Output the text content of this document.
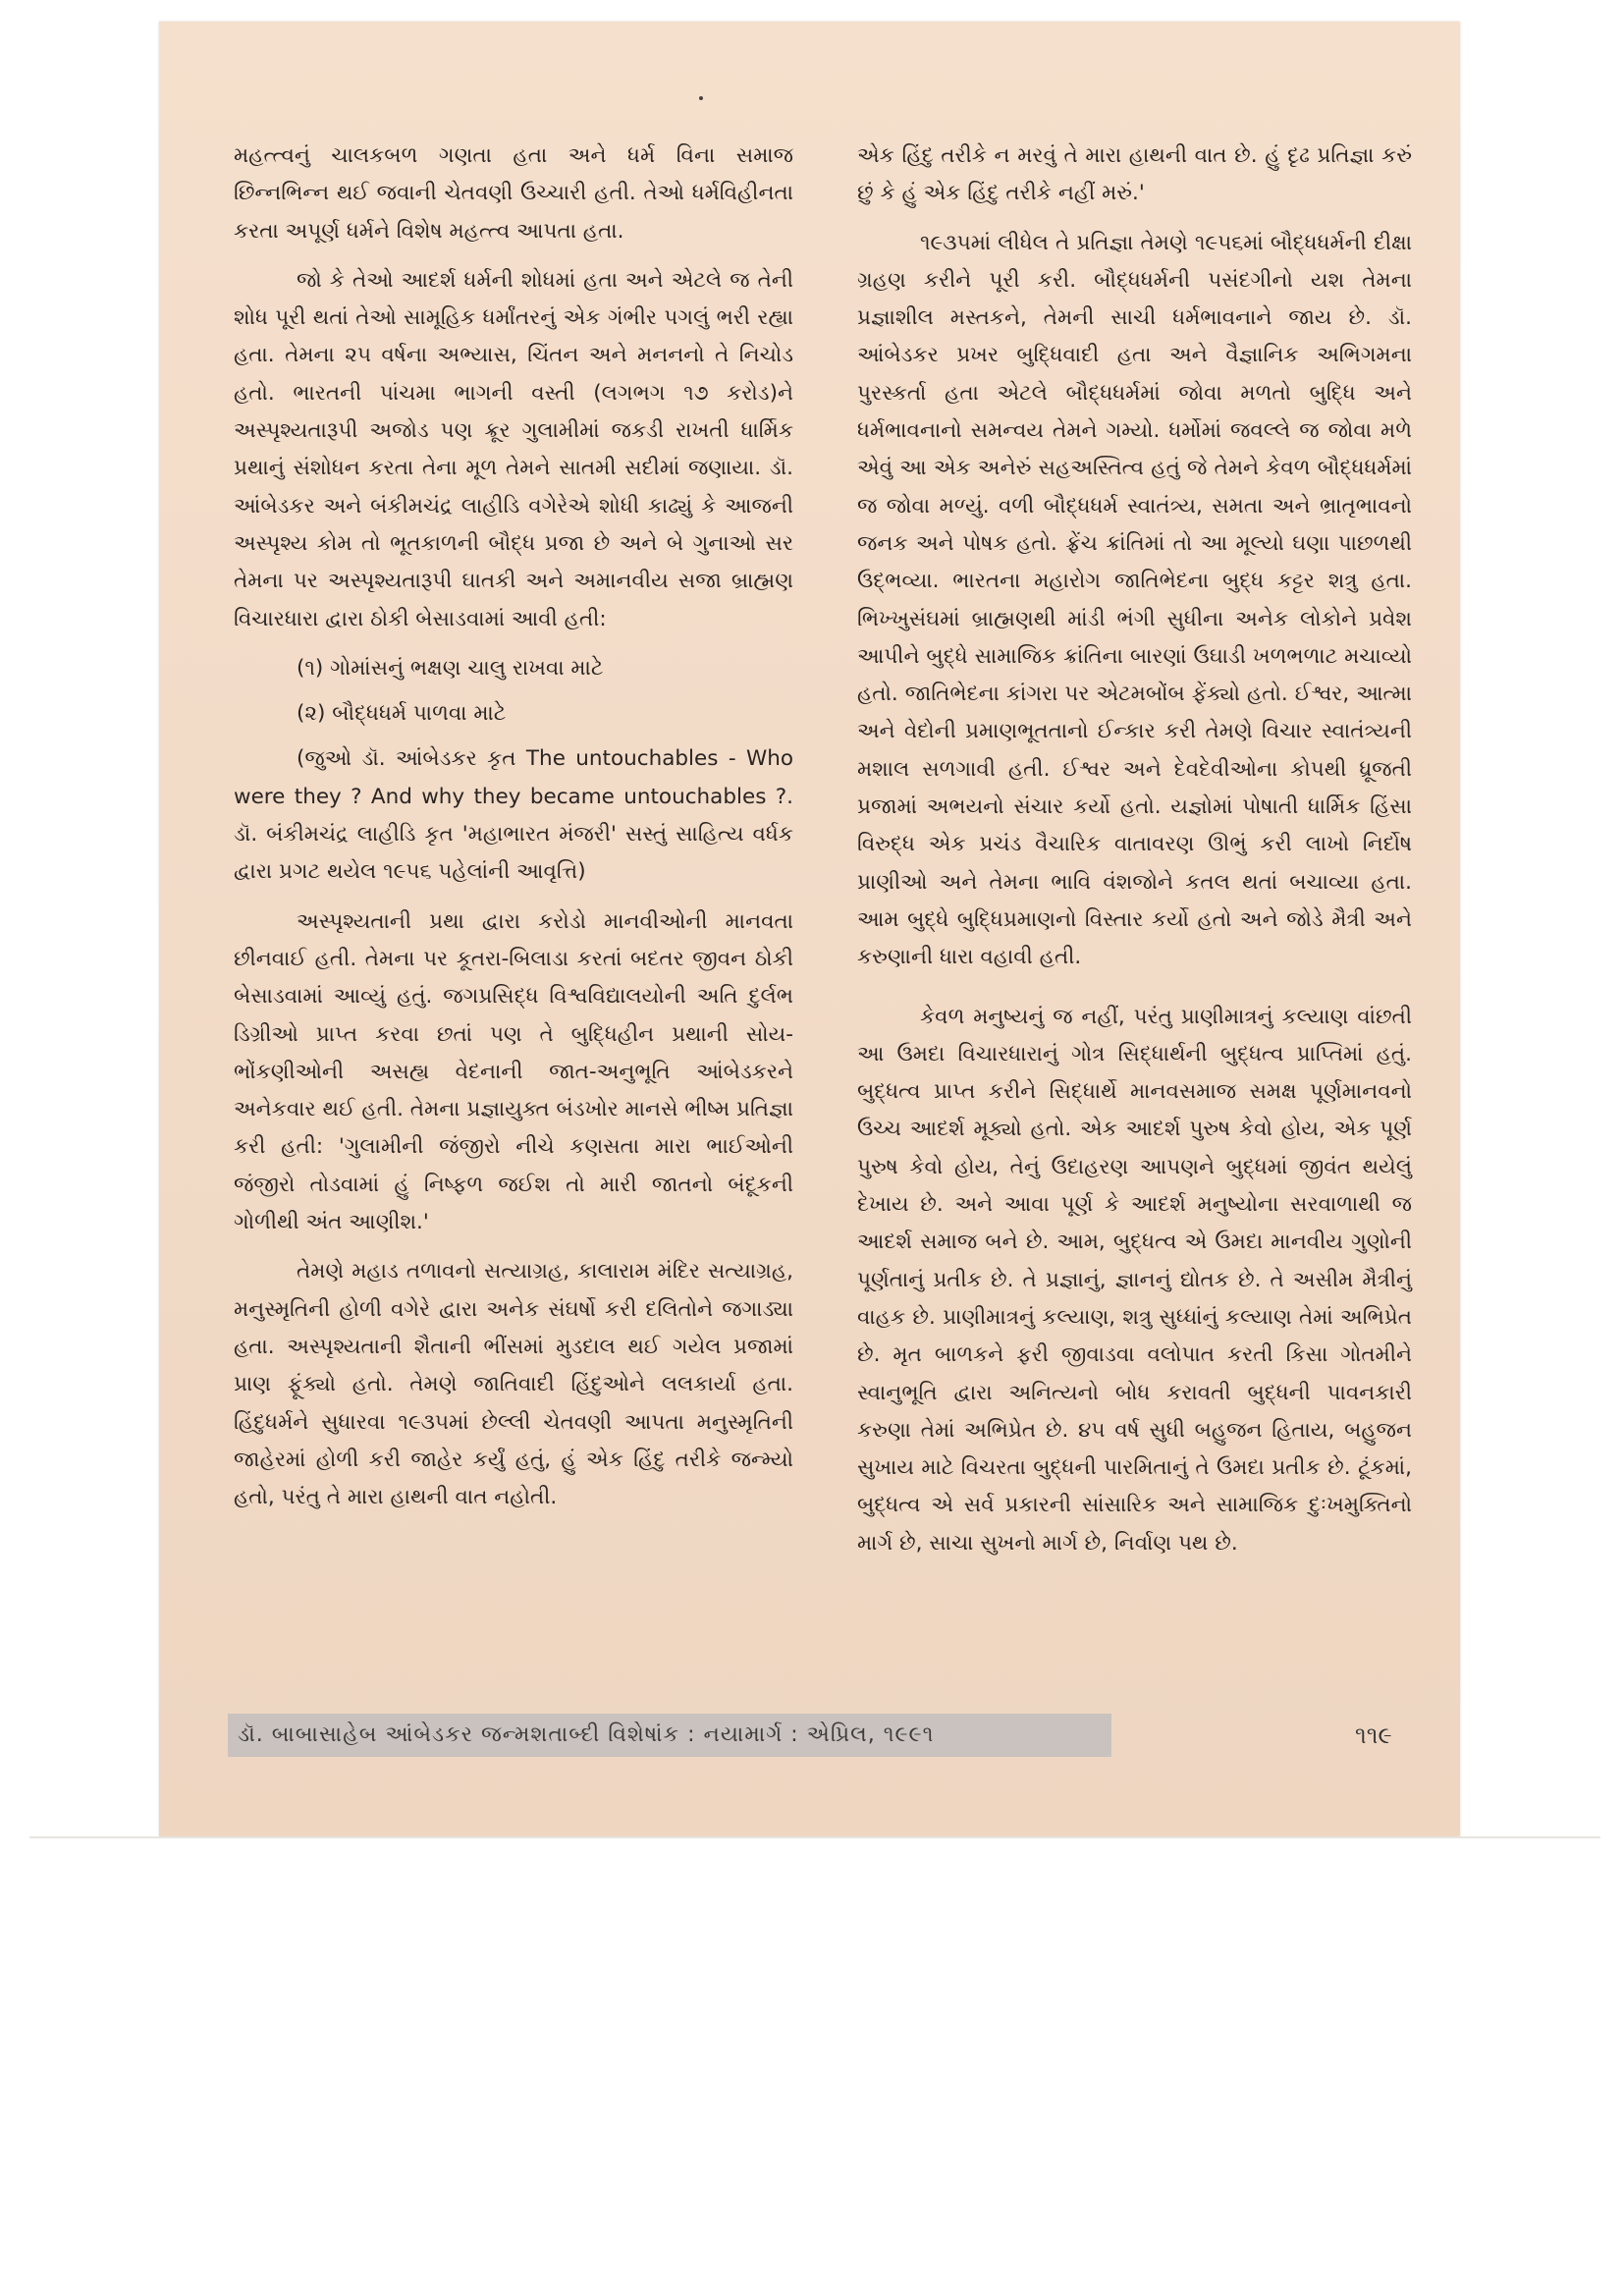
મહત્ત્વનું ચાલકબળ ગણતા હતા અને ધર્મ વિના સમાજ છિન્નભિન્ન થઈ જવાની ચેતવણી ઉચ્ચારી હતી. તેઓ ધર્મવિહીનતા કરતા અપૂર્ણ ધર્મને વિશેષ મહત્ત્વ આપતા હતા.

જો કે તેઓ આદર્શ ધર્મની શોધમાં હતા અને એટલે જ તેની શોધ પૂરી થતાં તેઓ સામૂહિક ધર્માંતરનું એક ગંભીર પગલું ભરી રહ્યા હતા. તેમના ૨૫ વર્ષના અભ્યાસ, ચિંતન અને મનનનો તે નિચોડ હતો. ભારતની પાંચમા ભાગની વસ્તી (લગભગ ૧૭ કરોડ)ને અસ્પૃશ્યતારૂપી અજોડ પણ ક્રૂર ગુલામીમાં જકડી રાખતી ધાર્મિક પ્રથાનું સંશોધન કરતા તેના મૂળ તેમને સાતમી સદીમાં જણાયા. ડૉ. આંબેડકર અને બંકીમચંદ્ર લાહીડિ વગેરેએ શોધી કાઢ્યું કે આજની અસ્પૃશ્ય કોમ તો ભૂતકાળની બૌદ્ધ પ્રજા છે અને બે ગુનાઓ સર તેમના પર અસ્પૃશ્યતારૂપી ઘાતકી અને અમાનવીય સજા બ્રાહ્મણ વિચારધારા દ્વારા ઠોકી બેસાડવામાં આવી હતી:

(૧) ગોમાંસનું ભક્ષણ ચાલુ રાખવા માટે

(૨) બૌદ્ધધર્મ પાળવા માટે

(જુઓ ડૉ. આંબેડકર કૃત The untouchables - Who were they ? And why they became untouchables ?. ડૉ. બંકીમચંદ્ર લાહીડિ કૃત 'મહાભારત મંજરી' સસ્તું સાહિત્ય વર્ધક દ્વારા પ્રગટ થયેલ ૧૯૫૬ પહેલાંની આવૃત્તિ)

અસ્પૃશ્યતાની પ્રથા દ્વારા કરોડો માનવીઓની માનવતા છીનવાઈ હતી. તેમના પર કૂતરા-બિલાડા કરતાં બદતર જીવન ઠોકી બેસાડવામાં આવ્યું હતું. જગપ્રસિદ્ધ વિશ્વવિદ્યાલયોની અતિ દુર્લભ ડિગ્રીઓ પ્રાપ્ત કરવા છતાં પણ તે બુદ્ધિહીન પ્રથાની સોય-ભોંકણીઓની અસહ્ય વેદનાની જાત-અનુભૂતિ આંબેડકરને અનેકવાર થઈ હતી. તેમના પ્રજ્ઞાયુક્ત બંડખોર માનસે ભીષ્મ પ્રતિજ્ઞા કરી હતી: 'ગુલામીની જંજીરો નીચે કણસતા મારા ભાઈઓની જંજીરો તોડવામાં હું નિષ્ફળ જઈશ તો મારી જાતનો બંદૂકની ગોળીથી અંત આણીશ.'

તેમણે મહાડ તળાવનો સત્યાગ્રહ, કાલારામ મંદિર સત્યાગ્રહ, મનુસ્મૃતિની હોળી વગેરે દ્વારા અનેક સંઘર્ષો કરી દલિતોને જગાડ્યા હતા. અસ્પૃશ્યતાની શૈતાની ભીંસમાં મુડદાલ થઈ ગયેલ પ્રજામાં પ્રાણ ફૂંક્યો હતો. તેમણે જાતિવાદી હિંદુઓને લલકાર્યા હતા. હિંદુધર્મને સુધારવા ૧૯૩૫માં છેલ્લી ચેતવણી આપતા મનુસ્મૃતિની જાહેરમાં હોળી કરી જાહેર કર્યું હતું, હું એક હિંદુ તરીકે જન્મ્યો હતો, પરંતુ તે મારા હાથની વાત નહોતી.

એક હિંદુ તરીકે ન મરવું તે મારા હાથની વાત છે. હું દૃઢ પ્રતિજ્ઞા કરું છું કે હું એક હિંદુ તરીકે નહીં મરું.'

૧૯૩૫માં લીધેલ તે પ્રતિજ્ઞા તેમણે ૧૯૫૬માં બૌદ્ધધર્મની દીક્ષા ગ્રહણ કરીને પૂરી કરી. બૌદ્ધધર્મની પસંદગીનો યશ તેમના પ્રજ્ઞાશીલ મસ્તકને, તેમની સાચી ધર્મભાવનાને જાય છે. ડૉ. આંબેડકર પ્રખર બુદ્ધિવાદી હતા અને વૈજ્ઞાનિક અભિગમના પુરસ્કર્તા હતા એટલે બૌદ્ધધર્મમાં જોવા મળતો બુદ્ધિ અને ધર્મભાવનાનો સમન્વય તેમને ગમ્યો. ધર્મોમાં જવલ્લે જ જોવા મળે એવું આ એક અનેરું સહઅસ્તિત્વ હતું જે તેમને કેવળ બૌદ્ધધર્મમાં જ જોવા મળ્યું. વળી બૌદ્ધધર્મ સ્વાતંત્ર્ય, સમતા અને ભ્રાતૃભાવનો જનક અને પોષક હતો. ફ્રેંચ ક્રાંતિમાં તો આ મૂલ્યો ઘણા પાછળથી ઉદ્‌ભવ્યા. ભારતના મહારોગ જાતિભેદના બુદ્ધ કટ્ટર શત્રુ હતા. ભિખ્ખુસંઘમાં બ્રાહ્મણથી માંડી ભંગી સુધીના અનેક લોકોને પ્રવેશ આપીને બુદ્ધે સામાજિક ક્રાંતિના બારણાં ઉઘાડી ખળભળાટ મચાવ્યો હતો. જાતિભેદના કાંગરા પર એટમબોંબ ફેંક્યો હતો. ઈશ્વર, આત્મા અને વેદોની પ્રમાણભૂતતાનો ઈન્કાર કરી તેમણે વિચાર સ્વાતંત્ર્યની મશાલ સળગાવી હતી. ઈશ્વર અને દેવદેવીઓના કોપથી ધ્રૂજતી પ્રજામાં અભયનો સંચાર કર્યો હતો. યજ્ઞોમાં પોષાતી ધાર્મિક હિંસા વિરુદ્ધ એક પ્રચંડ વૈચારિક વાતાવરણ ઊભું કરી લાખો નિર્દોષ પ્રાણીઓ અને તેમના ભાવિ વંશજોને કતલ થતાં બચાવ્યા હતા. આમ બુદ્ધે બુદ્ધિપ્રમાણનો વિસ્તાર કર્યો હતો અને જોડે મૈત્રી અને કરુણાની ધારા વહાવી હતી.

કેવળ મનુષ્યનું જ નહીં, પરંતુ પ્રાણીમાત્રનું કલ્યાણ વાંછતી આ ઉમદા વિચારધારાનું ગોત્ર સિદ્ધાર્થની બુદ્ધત્વ પ્રાપ્તિમાં હતું. બુદ્ધત્વ પ્રાપ્ત કરીને સિદ્ધાર્થે માનવસમાજ સમક્ષ પૂર્ણમાનવનો ઉચ્ચ આદર્શ મૂક્યો હતો. એક આદર્શ પુરુષ કેવો હોય, એક પૂર્ણ પુરુષ કેવો હોય, તેનું ઉદાહરણ આપણને બુદ્ધમાં જીવંત થયેલું દેખાય છે. અને આવા પૂર્ણ કે આદર્શ મનુષ્યોના સરવાળાથી જ આદર્શ સમાજ બને છે. આમ, બુદ્ધત્વ એ ઉમદા માનવીય ગુણોની પૂર્ણતાનું પ્રતીક છે. તે પ્રજ્ઞાનું, જ્ઞાનનું દ્યોતક છે. તે અસીમ મૈત્રીનું વાહક છે. પ્રાણીમાત્રનું કલ્યાણ, શત્રુ સુધ્ધાંનું કલ્યાણ તેમાં અભિપ્રેત છે. મૃત બાળકને ફરી જીવાડવા વલોપાત કરતી કિસા ગોતમીને સ્વાનુભૂતિ દ્વારા અનિત્યનો બોધ કરાવતી બુદ્ધની પાવનકારી કરુણા તેમાં અભિપ્રેત છે. ૪૫ વર્ષ સુધી બહુજન હિતાય, બહુજન સુખાય માટે વિચરતા બુદ્ધની પારમિતાનું તે ઉમદા પ્રતીક છે. ટૂંકમાં, બુદ્ધત્વ એ સર્વ પ્રકારની સાંસારિક અને સામાજિક દુઃખમુક્તિનો માર્ગ છે, સાચા સુખનો માર્ગ છે, નિર્વાણ પથ છે.

ડૉ. બાબાસાહેબ આંબેડકર જન્મશતાબ્દી વિશેષાંક : નયામાર્ગ : એપ્રિલ, ૧૯૯૧	૧૧૯
